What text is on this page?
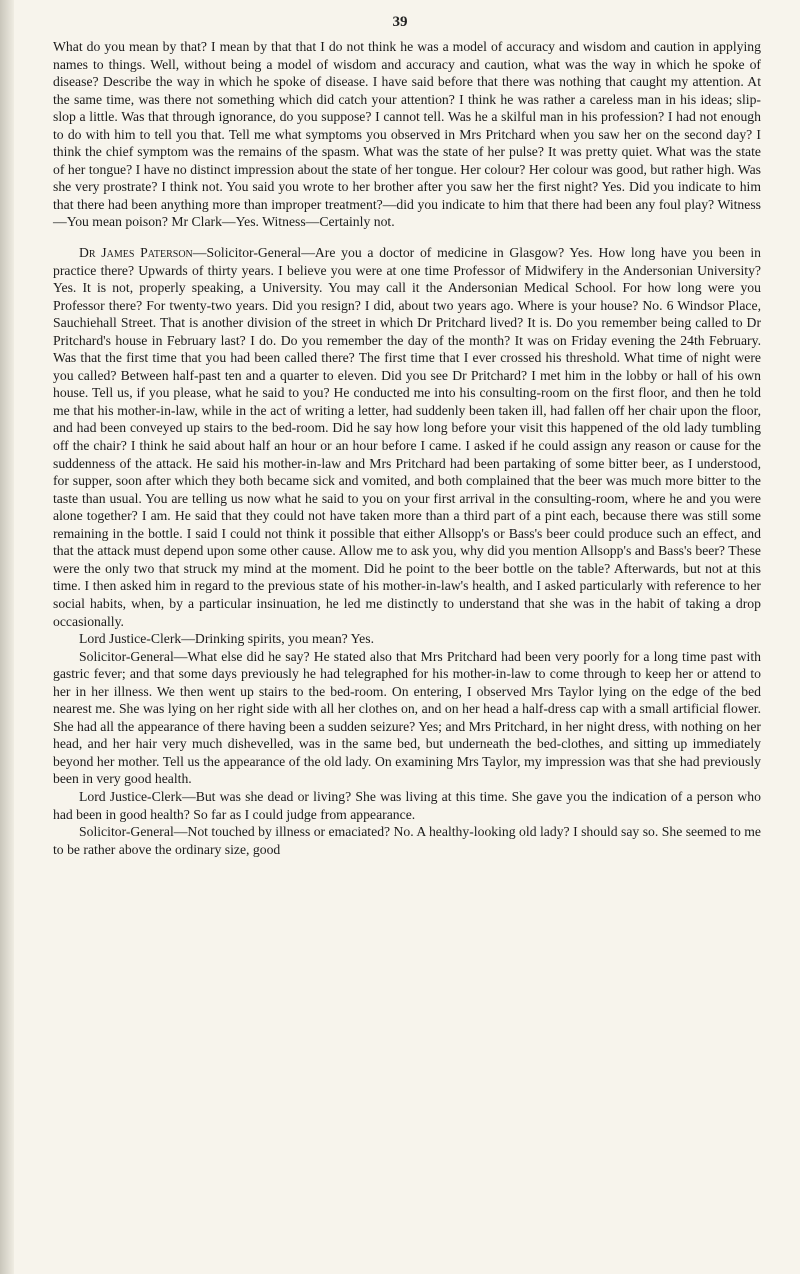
39

What do you mean by that? I mean by that that I do not think he was a model of accuracy and wisdom and caution in applying names to things. Well, without being a model of wisdom and accuracy and caution, what was the way in which he spoke of disease? Describe the way in which he spoke of disease. I have said before that there was nothing that caught my attention. At the same time, was there not something which did catch your attention? I think he was rather a careless man in his ideas; slip-slop a little. Was that through ignorance, do you suppose? I cannot tell. Was he a skilful man in his profession? I had not enough to do with him to tell you that. Tell me what symptoms you observed in Mrs Pritchard when you saw her on the second day? I think the chief symptom was the remains of the spasm. What was the state of her pulse? It was pretty quiet. What was the state of her tongue? I have no distinct impression about the state of her tongue. Her colour? Her colour was good, but rather high. Was she very prostrate? I think not. You said you wrote to her brother after you saw her the first night? Yes. Did you indicate to him that there had been anything more than improper treatment?—did you indicate to him that there had been any foul play? Witness—You mean poison? Mr Clark—Yes. Witness—Certainly not.

Dr James Paterson—Solicitor-General—Are you a doctor of medicine in Glasgow? Yes. How long have you been in practice there? Upwards of thirty years. I believe you were at one time Professor of Midwifery in the Andersonian University? Yes. It is not, properly speaking, a University. You may call it the Andersonian Medical School. For how long were you Professor there? For twenty-two years. Did you resign? I did, about two years ago. Where is your house? No. 6 Windsor Place, Sauchiehall Street. That is another division of the street in which Dr Pritchard lived? It is. Do you remember being called to Dr Pritchard's house in February last? I do. Do you remember the day of the month? It was on Friday evening the 24th February. Was that the first time that you had been called there? The first time that I ever crossed his threshold. What time of night were you called? Between half-past ten and a quarter to eleven. Did you see Dr Pritchard? I met him in the lobby or hall of his own house. Tell us, if you please, what he said to you? He conducted me into his consulting-room on the first floor, and then he told me that his mother-in-law, while in the act of writing a letter, had suddenly been taken ill, had fallen off her chair upon the floor, and had been conveyed up stairs to the bed-room. Did he say how long before your visit this happened of the old lady tumbling off the chair? I think he said about half an hour or an hour before I came. I asked if he could assign any reason or cause for the suddenness of the attack. He said his mother-in-law and Mrs Pritchard had been partaking of some bitter beer, as I understood, for supper, soon after which they both became sick and vomited, and both complained that the beer was much more bitter to the taste than usual. You are telling us now what he said to you on your first arrival in the consulting-room, where he and you were alone together? I am. He said that they could not have taken more than a third part of a pint each, because there was still some remaining in the bottle. I said I could not think it possible that either Allsopp's or Bass's beer could produce such an effect, and that the attack must depend upon some other cause. Allow me to ask you, why did you mention Allsopp's and Bass's beer? These were the only two that struck my mind at the moment. Did he point to the beer bottle on the table? Afterwards, but not at this time. I then asked him in regard to the previous state of his mother-in-law's health, and I asked particularly with reference to her social habits, when, by a particular insinuation, he led me distinctly to understand that she was in the habit of taking a drop occasionally.

Lord Justice-Clerk—Drinking spirits, you mean? Yes.

Solicitor-General—What else did he say? He stated also that Mrs Pritchard had been very poorly for a long time past with gastric fever; and that some days previously he had telegraphed for his mother-in-law to come through to keep her or attend to her in her illness. We then went up stairs to the bed-room. On entering, I observed Mrs Taylor lying on the edge of the bed nearest me. She was lying on her right side with all her clothes on, and on her head a half-dress cap with a small artificial flower. She had all the appearance of there having been a sudden seizure? Yes; and Mrs Pritchard, in her night dress, with nothing on her head, and her hair very much dishevelled, was in the same bed, but underneath the bed-clothes, and sitting up immediately beyond her mother. Tell us the appearance of the old lady. On examining Mrs Taylor, my impression was that she had previously been in very good health.

Lord Justice-Clerk—But was she dead or living? She was living at this time. She gave you the indication of a person who had been in good health? So far as I could judge from appearance.

Solicitor-General—Not touched by illness or emaciated? No. A healthy-looking old lady? I should say so. She seemed to me to be rather above the ordinary size, good
